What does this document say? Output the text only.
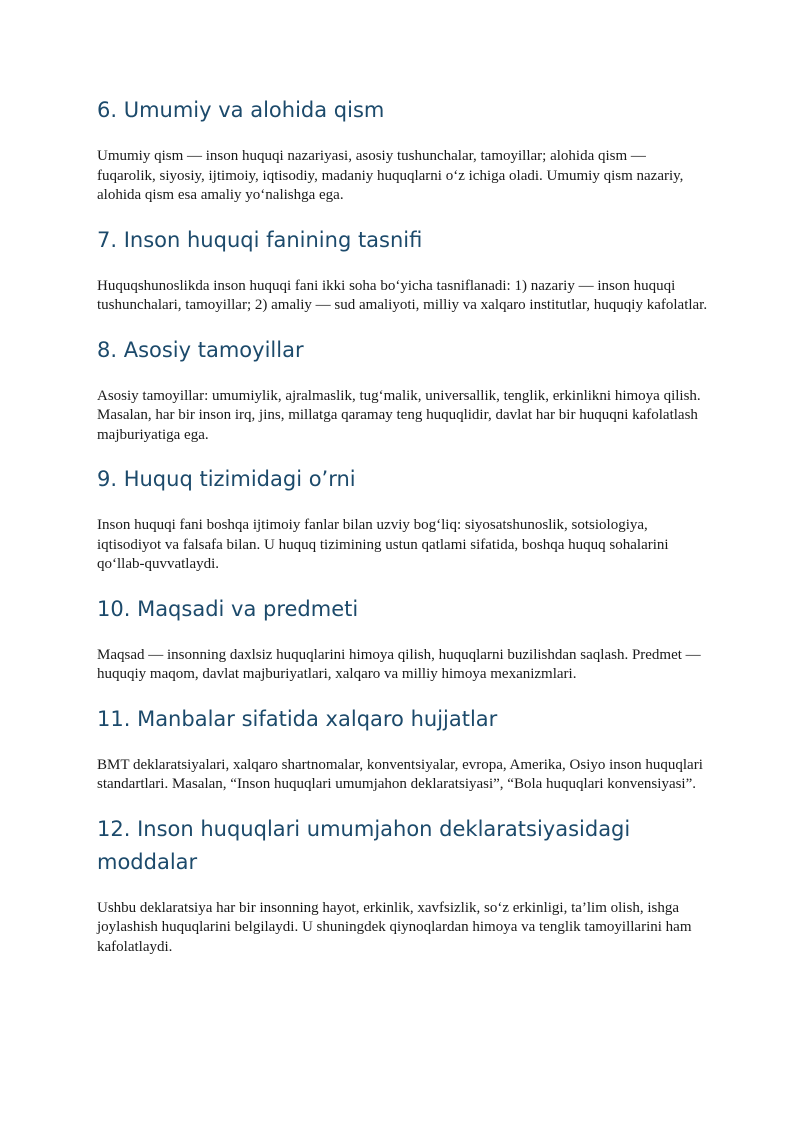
6. Umumiy va alohida qism

Umumiy qism — inson huquqi nazariyasi, asosiy tushunchalar, tamoyillar; alohida qism — fuqarolik, siyosiy, ijtimoiy, iqtisodiy, madaniy huquqlarni o‘z ichiga oladi. Umumiy qism nazariy, alohida qism esa amaliy yo‘nalishga ega.

7. Inson huquqi fanining tasnifi

Huquqshunoslikda inson huquqi fani ikki soha bo‘yicha tasniflanadi: 1) nazariy — inson huquqi tushunchalari, tamoyillar; 2) amaliy — sud amaliyoti, milliy va xalqaro institutlar, huquqiy kafolatlar.

8. Asosiy tamoyillar

Asosiy tamoyillar: umumiylik, ajralmaslik, tug‘malik, universallik, tenglik, erkinlikni himoya qilish. Masalan, har bir inson irq, jins, millatga qaramay teng huquqlidir, davlat har bir huquqni kafolatlash majburiyatiga ega.

9. Huquq tizimidagi o’rni

Inson huquqi fani boshqa ijtimoiy fanlar bilan uzviy bog‘liq: siyosatshunoslik, sotsiologiya, iqtisodiyot va falsafa bilan. U huquq tizimining ustun qatlami sifatida, boshqa huquq sohalarini qo‘llab-quvvatlaydi.

10. Maqsadi va predmeti

Maqsad — insonning daxlsiz huquqlarini himoya qilish, huquqlarni buzilishdan saqlash. Predmet — huquqiy maqom, davlat majburiyatlari, xalqaro va milliy himoya mexanizmlari.

11. Manbalar sifatida xalqaro hujjatlar

BMT deklaratsiyalari, xalqaro shartnomalar, konventsiyalar, evropa, Amerika, Osiyo inson huquqlari standartlari. Masalan, “Inson huquqlari umumjahon deklaratsiyasi”, “Bola huquqlari konvensiyasi”.

12. Inson huquqlari umumjahon deklaratsiyasidagi moddalar

Ushbu deklaratsiya har bir insonning hayot, erkinlik, xavfsizlik, so‘z erkinligi, ta’lim olish, ishga joylashish huquqlarini belgilaydi. U shuningdek qiynoqlardan himoya va tenglik tamoyillarini ham kafolatlaydi.
